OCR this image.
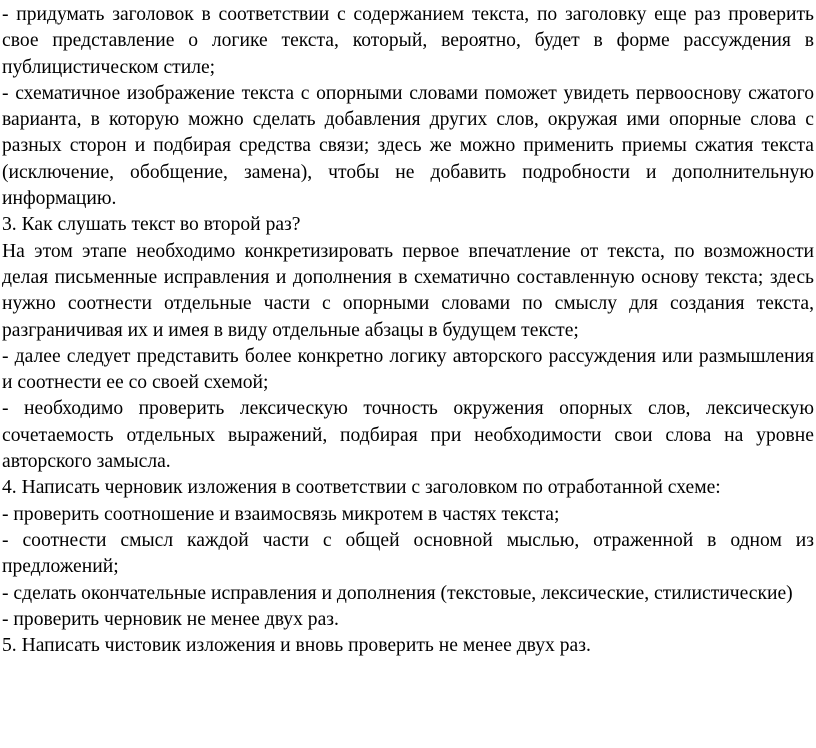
- придумать заголовок в соответствии с содержанием текста, по заголовку еще раз проверить свое представление о логике текста, который, вероятно, будет в форме рассуждения в публицистическом стиле;

- схематичное изображение текста с опорными словами поможет увидеть первооснову сжатого варианта, в которую можно сделать добавления других слов, окружая ими опорные слова с разных сторон и подбирая средства связи; здесь же можно применить приемы сжатия текста (исключение, обобщение, замена), чтобы не добавить подробности и дополнительную информацию.

3. Как слушать текст во второй раз?

На этом этапе необходимо конкретизировать первое впечатление от текста, по возможности делая письменные исправления и дополнения в схематично составленную основу текста; здесь нужно соотнести отдельные части с опорными словами по смыслу для создания текста, разграничивая их и имея в виду отдельные абзацы в будущем тексте;

- далее следует представить более конкретно логику авторского рассуждения или размышления и соотнести ее со своей схемой;

- необходимо проверить лексическую точность окружения опорных слов, лексическую сочетаемость отдельных выражений, подбирая при необходимости свои слова на уровне авторского замысла.

4. Написать черновик изложения в соответствии с заголовком по отработанной схеме:

- проверить соотношение и взаимосвязь микротем в частях текста;

- соотнести смысл каждой части с общей основной мыслью, отраженной в одном из предложений;

- сделать окончательные исправления и дополнения (текстовые, лексические, стилистические)

- проверить черновик не менее двух раз.

5. Написать чистовик изложения и вновь проверить не менее двух раз.
